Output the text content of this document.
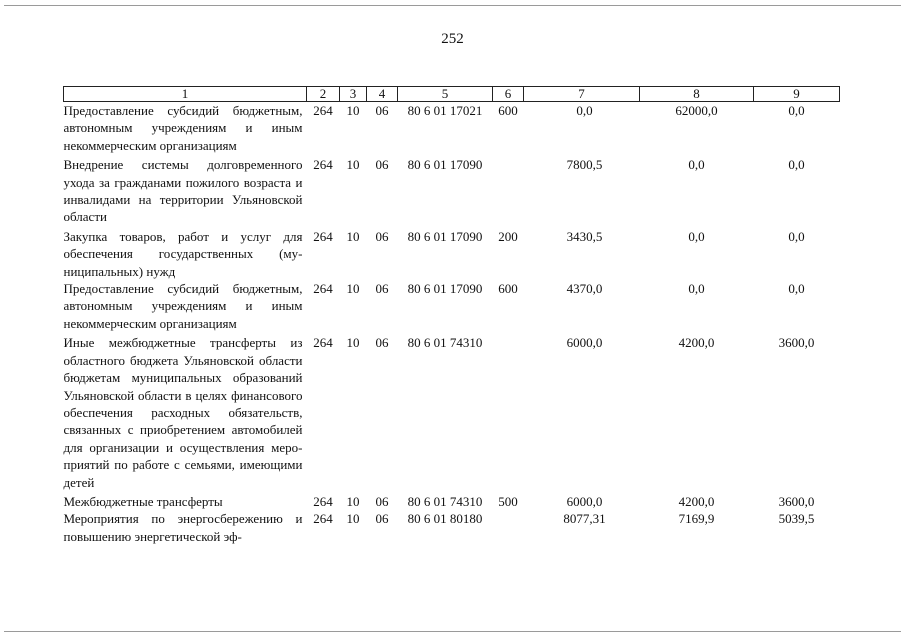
252
1	2	3	4	5	6	7	8	9
Предоставление субсидий бюджетным, автономным учреждениям и иным некоммерческим организациям	264	10	06	80 6 01 17021	600	0,0	62000,0	0,0
Внедрение системы долговременного ухода за гражданами пожилого возраста и инвалидами на территории Ульяновской области	264	10	06	80 6 01 17090		7800,5	0,0	0,0
Закупка товаров, работ и услуг для обеспечения государственных (муниципальных) нужд	264	10	06	80 6 01 17090	200	3430,5	0,0	0,0
Предоставление субсидий бюджетным, автономным учреждениям и иным некоммерческим организациям	264	10	06	80 6 01 17090	600	4370,0	0,0	0,0
Иные межбюджетные трансферты из областного бюджета Ульяновской области бюджетам муниципальных образований Ульяновской области в целях финансового обеспечения расходных обязательств, связанных с приобретением автомобилей для организации и осуществления мероприятий по работе с семьями, имеющими детей	264	10	06	80 6 01 74310		6000,0	4200,0	3600,0
Межбюджетные трансферты	264	10	06	80 6 01 74310	500	6000,0	4200,0	3600,0
Мероприятия по энергосбережению и повышению энергетической эф-	264	10	06	80 6 01 80180		8077,31	7169,9	5039,5
